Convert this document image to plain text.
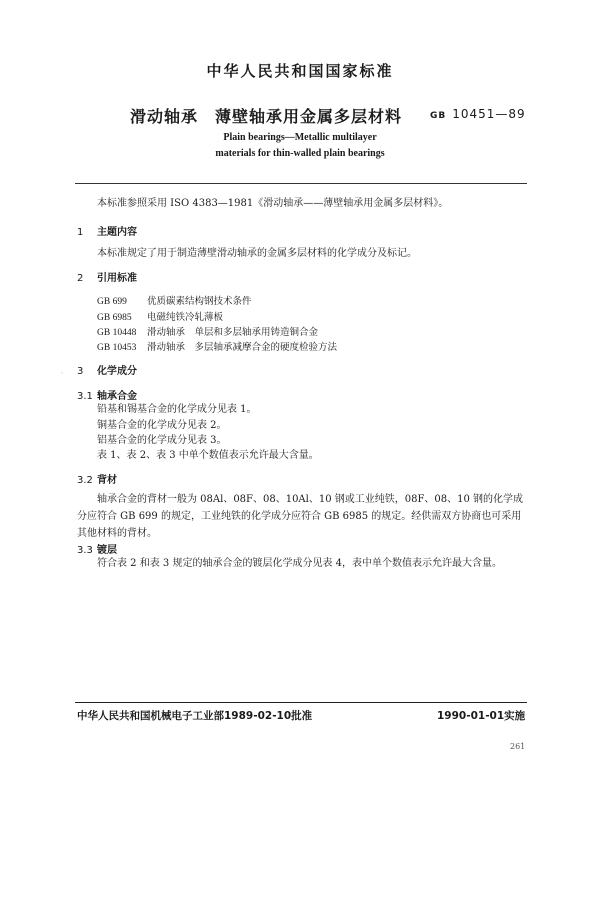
中华人民共和国国家标准
滑动轴承　薄壁轴承用金属多层材料	GB 10451—89
Plain bearings—Metallic multilayer
materials for thin-walled plain bearings
本标准参照采用 ISO 4383—1981《滑动轴承——薄壁轴承用金属多层材料》。
1 主题内容
本标准规定了用于制造薄壁滑动轴承的金属多层材料的化学成分及标记。
2 引用标准
GB 699 优质碳素结构钢技术条件
GB 6985 电磁纯铁冷轧薄板
GB 10448 滑动轴承　单层和多层轴承用铸造铜合金
GB 10453 滑动轴承　多层轴承减摩合金的硬度检验方法
3 化学成分
ˎ
3.1 轴承合金
铅基和锡基合金的化学成分见表 1。
铜基合金的化学成分见表 2。
铝基合金的化学成分见表 3。
表 1、表 2、表 3 中单个数值表示允许最大含量。
3.2 背材
轴承合金的背材一般为 08Al、08F、08、10Al、10 钢或工业纯铁，08F、08、10 钢的化学成分应符合 GB 699 的规定，工业纯铁的化学成分应符合 GB 6985 的规定。经供需双方协商也可采用其他材料的背材。
3.3 镀层
符合表 2 和表 3 规定的轴承合金的镀层化学成分见表 4，表中单个数值表示允许最大含量。
中华人民共和国机械电子工业部1989-02-10批准	1990-01-01实施
261
